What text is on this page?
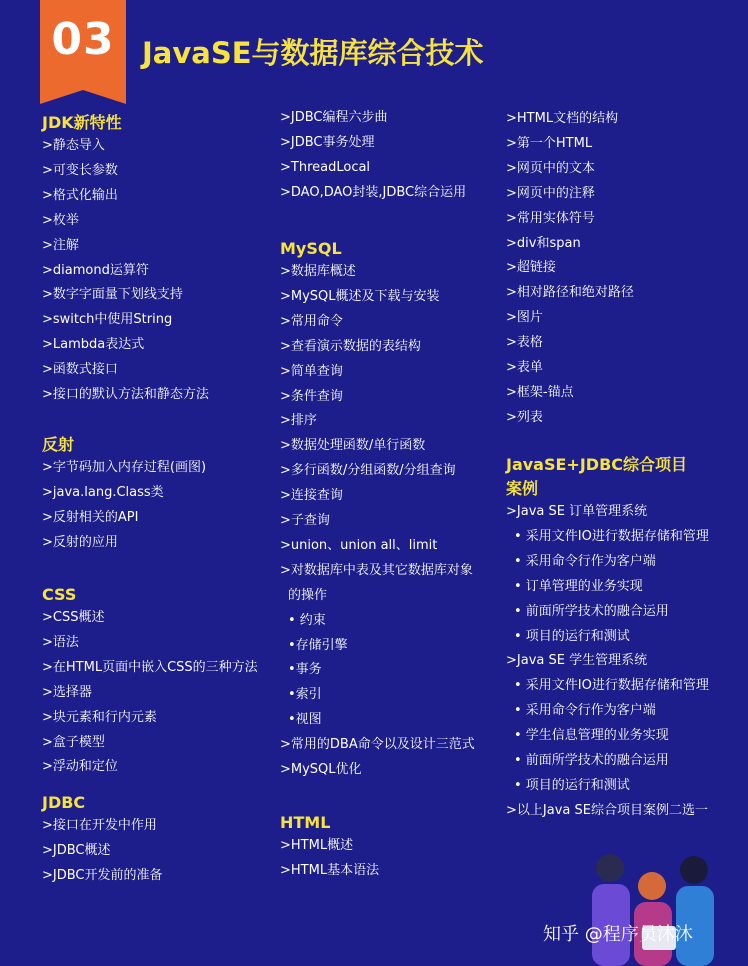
03 JavaSE与数据库综合技术
JDK新特性
>静态导入
>可变长参数
>格式化输出
>枚举
>注解
>diamond运算符
>数字字面量下划线支持
>switch中使用String
>Lambda表达式
>函数式接口
>接口的默认方法和静态方法
反射
>字节码加入内存过程(画图)
>java.lang.Class类
>反射相关的API
>反射的应用
CSS
>CSS概述
>语法
>在HTML页面中嵌入CSS的三种方法
>选择器
>块元素和行内元素
>盒子模型
>浮动和定位
JDBC
>接口在开发中作用
>JDBC概述
>JDBC开发前的准备
>JDBC编程六步曲
>JDBC事务处理
>ThreadLocal
>DAO,DAO封装,JDBC综合运用
MySQL
>数据库概述
>MySQL概述及下载与安装
>常用命令
>查看演示数据的表结构
>简单查询
>条件查询
>排序
>数据处理函数/单行函数
>多行函数/分组函数/分组查询
>连接查询
>子查询
>union、union all、limit
>对数据库中表及其它数据库对象
的操作
• 约束
•存储引擎
•事务
•索引
•视图
>常用的DBA命令以及设计三范式
>MySQL优化
HTML
>HTML概述
>HTML基本语法
>HTML文档的结构
>第一个HTML
>网页中的文本
>网页中的注释
>常用实体符号
>div和span
>超链接
>相对路径和绝对路径
>图片
>表格
>表单
>框架-锚点
>列表
JavaSE+JDBC综合项目
案例
>Java SE 订单管理系统
• 采用文件IO进行数据存储和管理
• 采用命令行作为客户端
• 订单管理的业务实现
• 前面所学技术的融合运用
• 项目的运行和测试
>Java SE 学生管理系统
• 采用文件IO进行数据存储和管理
• 采用命令行作为客户端
• 学生信息管理的业务实现
• 前面所学技术的融合运用
• 项目的运行和测试
>以上Java SE综合项目案例二选一
知乎 @程序员沐沐
